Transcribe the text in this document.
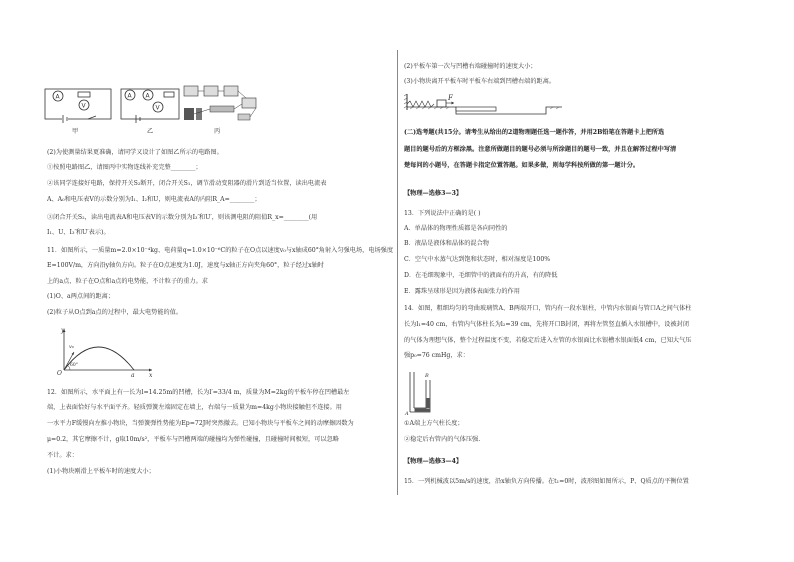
A
V
甲
A A
V
乙	丙
(2)为使测量结果更准确，请同学又设计了如图乙所示的电路图。
①按照电路图乙，请图丙中实物连线补充完整________；
②该同学连接好电路，保持开关S₂断开，闭合开关S₁，调节滑动变阻器的滑片到适当位置，读出电流表
A、A₀和电压表V的示数分别为I₁、I₂和U，则电流表A的内阻R_A=________；
③闭合开关S₂，读出电流表A和电压表V的示数分别为I₃′和U′，则该测电阻的阻值R_x=________(用
I₁、U、I₃′和U′表示)。
11．如图所示，一质量m=2.0×10⁻⁴kg、电荷量q=1.0×10⁻⁶C的粒子在O点以速度v₀与x轴成60°角射入匀强电场，电场强度
E=100V/m，方向沿y轴负方向。粒子在O点速度为1.0J，速度与x轴正方向夹角60°，粒子经过x轴时
上的a点，粒子在O点和a点的电势能，不计粒子的重力。求
(1)O、a两点间的距离；
(2)粒子从O点到a点的过程中，最大电势能的值。
y
v₀
60°
O	a x
12．如图所示，水平面上有一长为l=14.25m的凹槽，长为l′=33/4 m，质量为M=2kg的平板车停在凹槽最左
端，上表面恰好与水平面平齐。轻质弹簧左端固定在墙上，右端与一质量为m=4kg小物块接触但不连接。用
一水平力F缓慢向左推小物块，当弹簧弹性势能为Ep=72J时突然撤去。已知小物块与平板车之间的动摩擦因数为
μ=0.2，其它摩擦不计，g取10m/s²，平板车与凹槽两端的碰撞均为弹性碰撞，且碰撞时间极短，可以忽略
不计。求：
(1)小物块刚滑上平板车时的速度大小；
(2)平板车第一次与凹槽右端碰撞时的速度大小；
(3)小物块离开平板车时平板车右端到凹槽右端的距离。
F
(二)选考题(共15分。请考生从给出的2道物理题任选一题作答，并用2B铅笔在答题卡上把所选
题目的题号后的方框涂黑。注意所做题目的题号必须与所涂题目的题号一致，并且在解答过程中写清
楚每问的小题号，在答题卡指定位置答题。如果多做，则每学科按所做的第一题计分。
【物理—选修3—3】
13．下列说法中正确的是( )
A．单晶体的物理性质都是各向同性的
B．液晶是液体和晶体的混合物
C．空气中水蒸气达到饱和状态时，相对湿度是100%
D．在毛细现象中，毛细管中的液面有的升高，有的降低
E．露珠呈球形是因为液体表面张力的作用
14．如图，粗细均匀的弯曲玻璃管A、B两端开口，管内有一段水银柱，中管内水银面与管口A之间气体柱
长为l₁=40 cm，右管内气体柱长为l₂=39 cm，先将开口B封闭，再将左管竖直插入水银槽中，设被封闭
的气体为理想气体，整个过程温度不变，若稳定后进入左管的水银面比水银槽水银面低4 cm，已知大气压
强p₀=76 cmHg，求：
B
A
①A端上方气柱长度；
②稳定后右管内的气体压强.
【物理—选修3—4】
15．一列机械波以5m/s的速度，沿x轴负方向传播。在t₁=0时，波形图如图所示，P、Q质点的平衡位置
